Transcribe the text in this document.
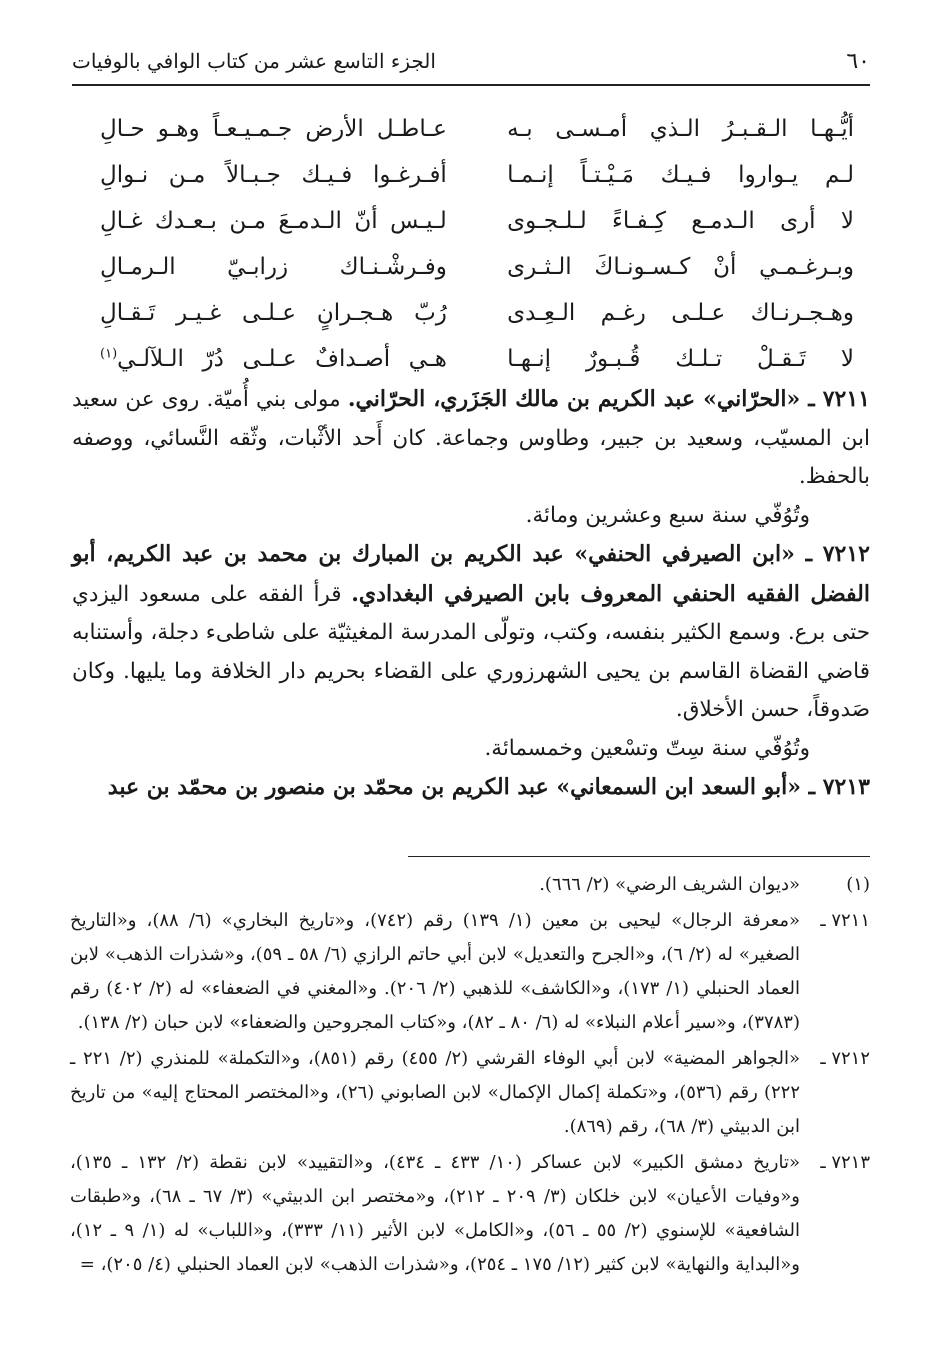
٦٠
الجزء التاسع عشر من كتاب الوافي بالوفيات
أيُّـهـا الـقـبـرُ الـذي أمـسـى بـه
عـاطـل الأرض جـمـيـعـاً وهـو حـالِ
لـم يـواروا فـيـك مَـيْـتـاً إنـمـا
أفـرغـوا فـيـك جـبـالاً مـن نـوالِ
لا أرى الـدمـع كِـفـاءً لـلـجـوى
لـيـس أنّ الـدمـعَ مـن بـعـدك غـالِ
وبـرغـمـي أنْ كـسـونـاكَ الـثـرى
وفـرشْـنـاك زرابـيّ الـرمـالِ
وهـجـرنـاك عـلـى رغـم الـعِـدى
رُبّ هـجـرانٍ عـلـى غـيـر تَـقـالِ
لا تَـقـلْ تـلـك قُـبـورٌ إنـهـا
هـي أصـدافٌ عـلـى دُرّ الـلآلـي$^{(١)}$

٧٢١١ ـ «الحرّاني» عبد الكريم بن مالك الجَزَري، الحرّاني. مولى بني أُميّة. روى عن سعيد ابن المسيّب، وسعيد بن جبير، وطاوس وجماعة. كان أَحد الأثْبات، وثّقه النَّسائي، ووصفه بالحفظ.

وتُوُفّي سنة سبع وعشرين ومائة.

٧٢١٢ ـ «ابن الصيرفي الحنفي» عبد الكريم بن المبارك بن محمد بن عبد الكريم، أبو الفضل الفقيه الحنفي المعروف بابن الصيرفي البغدادي. قرأ الفقه على مسعود اليزدي حتى برع. وسمع الكثير بنفسه، وكتب، وتولّى المدرسة المغيثيّة على شاطىء دجلة، وأستنابه قاضي القضاة القاسم بن يحيى الشهرزوري على القضاء بحريم دار الخلافة وما يليها. وكان صَدوقاً، حسن الأخلاق.

وتُوُفّي سنة سِتّ وتسْعين وخمسمائة.

٧٢١٣ ـ «أبو السعد ابن السمعاني» عبد الكريم بن محمّد بن منصور بن محمّد بن عبد

(١)
«ديوان الشريف الرضي» (٢/ ٦٦٦).
٧٢١١ ـ
«معرفة الرجال» ليحيى بن معين (١/ ١٣٩) رقم (٧٤٢)، و«تاريخ البخاري» (٦/ ٨٨)، و«التاريخ الصغير» له (٢/ ٦)، و«الجرح والتعديل» لابن أبي حاتم الرازي (٦/ ٥٨ ـ ٥٩)، و«شذرات الذهب» لابن العماد الحنبلي (١/ ١٧٣)، و«الكاشف» للذهبي (٢/ ٢٠٦). و«المغني في الضعفاء» له (٢/ ٤٠٢) رقم (٣٧٨٣)، و«سير أعلام النبلاء» له (٦/ ٨٠ ـ ٨٢)، و«كتاب المجروحين والضعفاء» لابن حبان (٢/ ١٣٨).
٧٢١٢ ـ
«الجواهر المضية» لابن أبي الوفاء القرشي (٢/ ٤٥٥) رقم (٨٥١)، و«التكملة» للمنذري (٢/ ٢٢١ ـ ٢٢٢) رقم (٥٣٦)، و«تكملة إكمال الإكمال» لابن الصابوني (٢٦)، و«المختصر المحتاج إليه» من تاريخ ابن الدبيثي (٣/ ٦٨)، رقم (٨٦٩).
٧٢١٣ ـ
«تاريخ دمشق الكبير» لابن عساكر (١٠/ ٤٣٣ ـ ٤٣٤)، و«التقييد» لابن نقطة (٢/ ١٣٢ ـ ١٣٥)، و«وفيات الأعيان» لابن خلكان (٣/ ٢٠٩ ـ ٢١٢)، و«مختصر ابن الدبيثي» (٣/ ٦٧ ـ ٦٨)، و«طبقات الشافعية» للإسنوي (٢/ ٥٥ ـ ٥٦)، و«الكامل» لابن الأثير (١١/ ٣٣٣)، و«اللباب» له (١/ ٩ ـ ١٢)، و«البداية والنهاية» لابن كثير (١٢/ ١٧٥ ـ ٢٥٤)، و«شذرات الذهب» لابن العماد الحنبلي (٤/ ٢٠٥)، =
